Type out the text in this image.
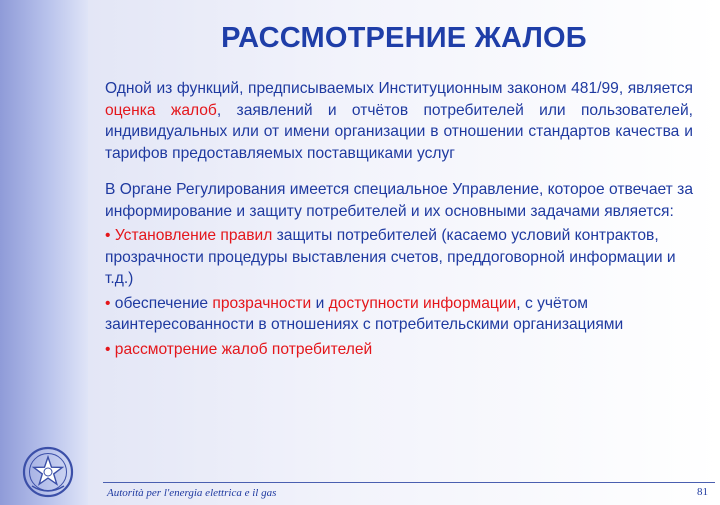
РАССМОТРЕНИЕ ЖАЛОБ

Одной из функций, предписываемых Институционным законом 481/99, является оценка жалоб, заявлений и отчётов потребителей или пользователей, индивидуальных или от имени организации в отношении стандартов качества и тарифов предоставляемых поставщиками услуг

В Органе Регулирования имеется специальное Управление, которое отвечает за информирование и защиту потребителей и их основными задачами является:

• Установление правил защиты потребителей (касаемо условий контрактов, прозрачности процедуры выставления счетов, преддоговорной информации и т.д.)

• обеспечение прозрачности и доступности информации, с учётом заинтересованности в отношениях с потребительскими организациями

• рассмотрение жалоб потребителей

Autorità per l'energia elettrica e il gas	81
